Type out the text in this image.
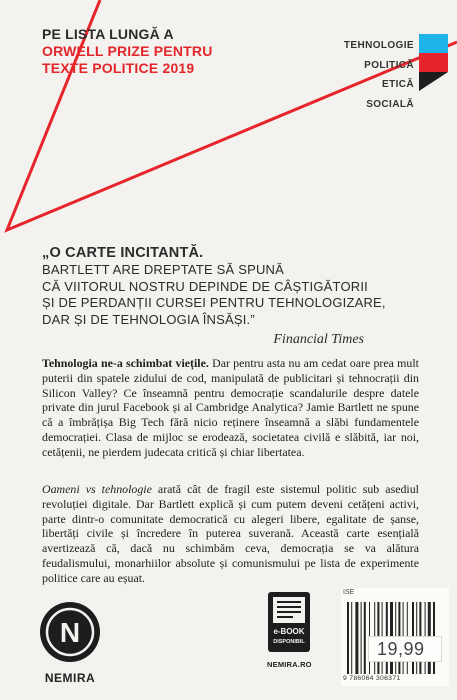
PE LISTA LUNGĂ A
ORWELL PRIZE PENTRU
TEXTE POLITICE 2019
TEHNOLOGIE
POLITICĂ
ETICĂ SOCIALĂ
„O CARTE INCITANTĂ.
BARTLETT ARE DREPTATE SĂ SPUNĂ
CĂ VIITORUL NOSTRU DEPINDE DE CÂȘTIGĂTORII
ȘI DE PERDANȚII CURSEI PENTRU TEHNOLOGIZARE,
DAR ȘI DE TEHNOLOGIA ÎNSĂȘI.”
Financial Times
Tehnologia ne-a schimbat viețile. Dar pentru asta nu am cedat oare prea mult puterii din spatele zidului de cod, manipulată de publicitari și tehnocrații din Silicon Valley? Ce înseamnă pentru democrație scandalurile despre datele private din jurul Facebook și al Cambridge Analytica? Jamie Bartlett ne spune că a îmbrățișa Big Tech fără nicio reținere înseamnă a slăbi fundamentele democrației. Clasa de mijloc se erodează, societatea civilă e slăbită, iar noi, cetățenii, ne pierdem judecata critică și chiar libertatea.
Oameni vs tehnologie arată cât de fragil este sistemul politic sub asediul revoluției digitale. Dar Bartlett explică și cum putem deveni cetățeni activi, parte dintr-o comunitate democratică cu alegeri libere, egalitate de șanse, libertăți civile și încredere în puterea suverană. Această carte esențială avertizează că, dacă nu schimbăm ceva, democrația se va alătura feudalismului, monarhiilor absolute și comunismului pe lista de experimente politice care au eșuat.
N
NEMIRA
e-BOOK
DISPONIBIL
NEMIRA.RO
ISE
9 786064 306371
19,99
